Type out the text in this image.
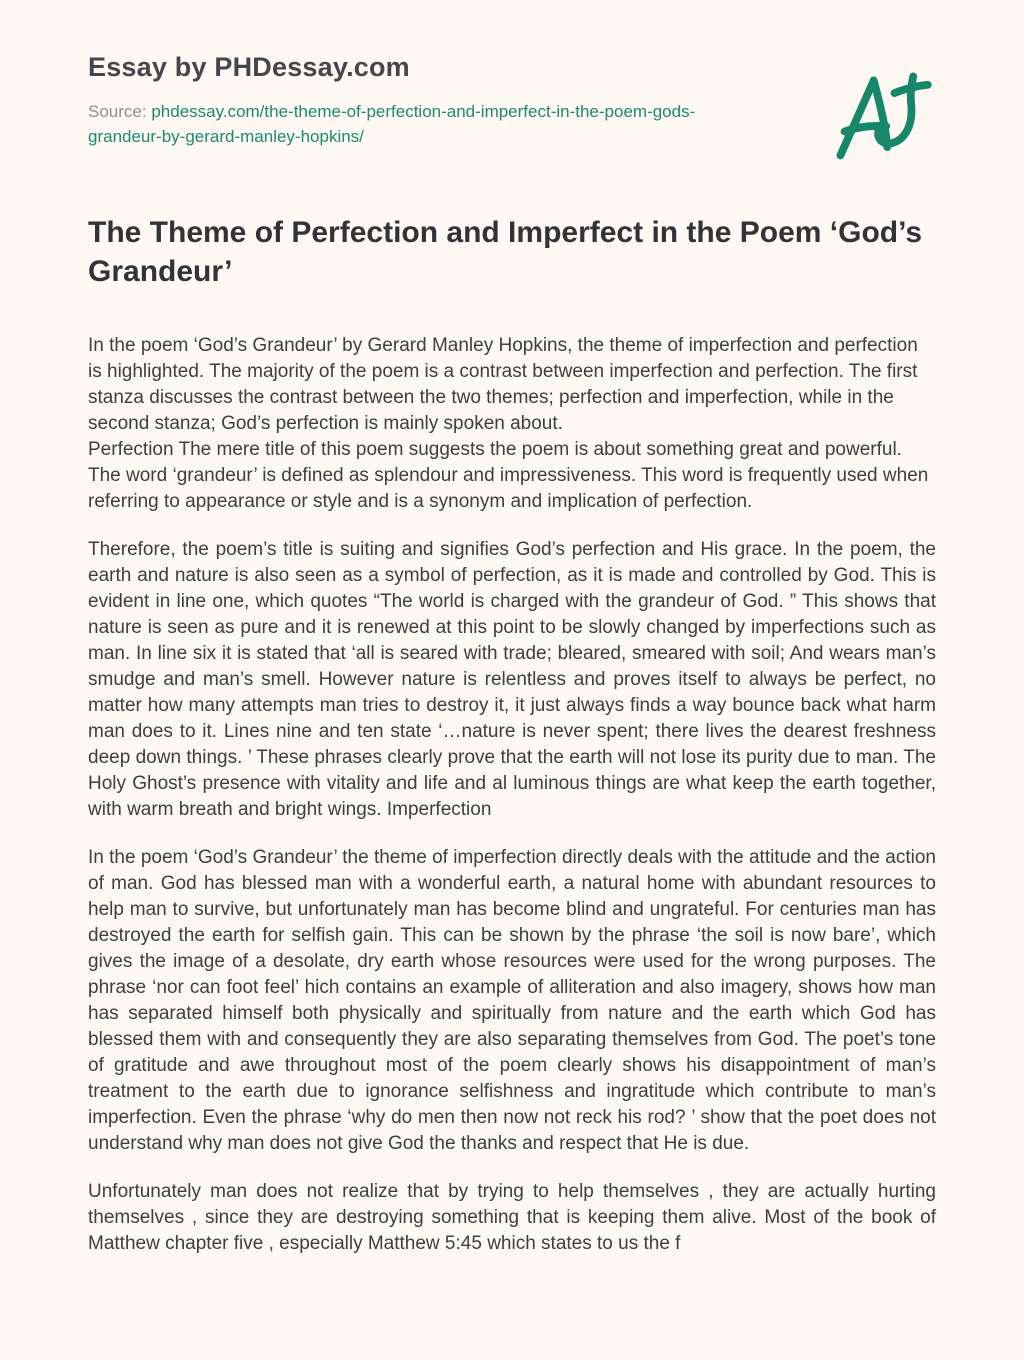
Essay by PHDessay.com
Source: phdessay.com/the-theme-of-perfection-and-imperfect-in-the-poem-gods-grandeur-by-gerard-manley-hopkins/
The Theme of Perfection and Imperfect in the Poem ‘God’s Grandeur’

In the poem ‘God’s Grandeur’ by Gerard Manley Hopkins, the theme of imperfection and perfection is highlighted. The majority of the poem is a contrast between imperfection and perfection. The first stanza discusses the contrast between the two themes; perfection and imperfection, while in the second stanza; God’s perfection is mainly spoken about.
Perfection The mere title of this poem suggests the poem is about something great and powerful. The word ‘grandeur’ is defined as splendour and impressiveness. This word is frequently used when referring to appearance or style and is a synonym and implication of perfection.

Therefore, the poem’s title is suiting and signifies God’s perfection and His grace. In the poem, the earth and nature is also seen as a symbol of perfection, as it is made and controlled by God. This is evident in line one, which quotes “The world is charged with the grandeur of God. ” This shows that nature is seen as pure and it is renewed at this point to be slowly changed by imperfections such as man. In line six it is stated that ‘all is seared with trade; bleared, smeared with soil; And wears man’s smudge and man’s smell. However nature is relentless and proves itself to always be perfect, no matter how many attempts man tries to destroy it, it just always finds a way bounce back what harm man does to it. Lines nine and ten state ‘…nature is never spent; there lives the dearest freshness deep down things. ’ These phrases clearly prove that the earth will not lose its purity due to man. The Holy Ghost’s presence with vitality and life and al luminous things are what keep the earth together, with warm breath and bright wings. Imperfection

In the poem ‘God’s Grandeur’ the theme of imperfection directly deals with the attitude and the action of man. God has blessed man with a wonderful earth, a natural home with abundant resources to help man to survive, but unfortunately man has become blind and ungrateful. For centuries man has destroyed the earth for selfish gain. This can be shown by the phrase ‘the soil is now bare’, which gives the image of a desolate, dry earth whose resources were used for the wrong purposes. The phrase ‘nor can foot feel’ hich contains an example of alliteration and also imagery, shows how man has separated himself both physically and spiritually from nature and the earth which God has blessed them with and consequently they are also separating themselves from God. The poet’s tone of gratitude and awe throughout most of the poem clearly shows his disappointment of man’s treatment to the earth due to ignorance selfishness and ingratitude which contribute to man’s imperfection. Even the phrase ‘why do men then now not reck his rod? ’ show that the poet does not understand why man does not give God the thanks and respect that He is due.

Unfortunately man does not realize that by trying to help themselves , they are actually hurting themselves , since they are destroying something that is keeping them alive. Most of the book of Matthew chapter five , especially Matthew 5:45 which states to us the f
